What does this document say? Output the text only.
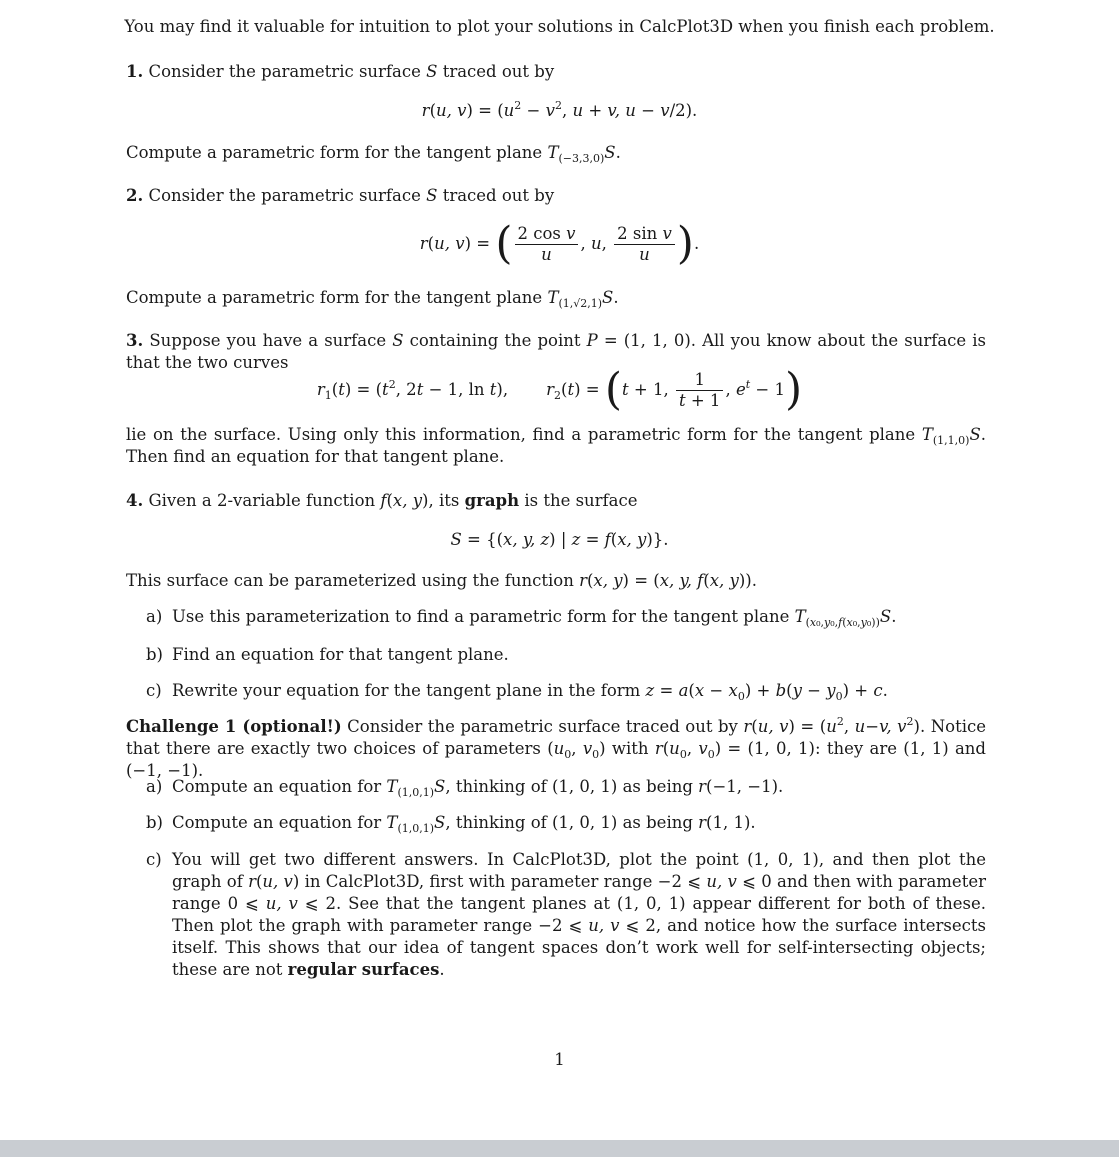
You may find it valuable for intuition to plot your solutions in CalcPlot3D when you finish each problem.
1. Consider the parametric surface S traced out by
r(u, $v) = (u^2 - v^2$, u + v, u − v/2).
Compute a parametric form for the tangent plane $T_{(-3,3,0)}S$.
2. Consider the parametric surface S traced out by
r(u, v) = ( $\frac{\text{2 cos v}}{u}$ , u, $\frac{\text{2 sin v}}{u}$ ).
Compute a parametric form for the tangent plane $T_{(1,√2,1)}S$.
3. Suppose you have a surface S containing the point P = (1, 1, 0). All you know about the surface is that the two curves
$r_1(t) = (t^2$, 2t − 1, ln t), $r_2(t) = (t + 1$, $\frac{1}{t + 1}$ , $e^t - 1$)
lie on the surface. Using only this information, find a parametric form for the tangent plane $T_{(1,1,0)}S$. Then find an equation for that tangent plane.
4. Given a 2-variable function f(x, y), its graph is the surface
S = {(x, y, z) | z = f(x, y)}.
This surface can be parameterized using the function r(x, y) = (x, y, f(x, y)).
a) Use this parameterization to find a parametric form for the tangent plane $T_{(x_0,y_0,f(x_0,y_0))}S$.
b) Find an equation for that tangent plane.
c) Rewrite your equation for the tangent plane in the form $z = a(x - x_0) + b(y - y_0) + c$.
Challenge 1 (optional!) Consider the parametric surface traced out by r(u, $v) = (u^2$, u−v, $v^2$). Notice that there are exactly two choices of parameters ($u_0$, $v_0$) with $r(u_0$, $v_0) = (1$, 0, 1): they are (1, 1) and (−1, −1).
a) Compute an equation for $T_{(1,0,1)}S$, thinking of (1, 0, 1) as being r(−1, −1).
b) Compute an equation for $T_{(1,0,1)}S$, thinking of (1, 0, 1) as being r(1, 1).
c) You will get two different answers. In CalcPlot3D, plot the point (1, 0, 1), and then plot the graph of r(u, v) in CalcPlot3D, first with parameter range −2 ⩽ u, v ⩽ 0 and then with parameter range 0 ⩽ u, v ⩽ 2. See that the tangent planes at (1, 0, 1) appear different for both of these. Then plot the graph with parameter range −2 ⩽ u, v ⩽ 2, and notice how the surface intersects itself. This shows that our idea of tangent spaces don’t work well for self-intersecting objects; these are not regular surfaces.
1
